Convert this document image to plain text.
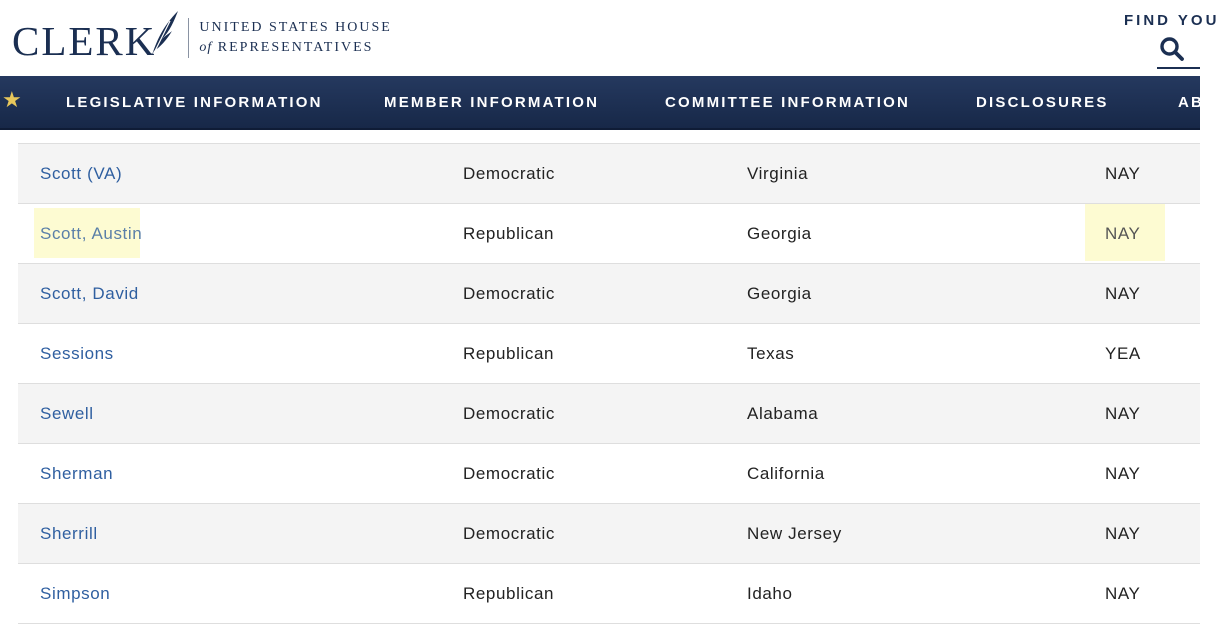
CLERK	UNITED STATES HOUSE
of REPRESENTATIVES
FIND YOU
★	LEGISLATIVE INFORMATION	MEMBER INFORMATION	COMMITTEE INFORMATION	DISCLOSURES	AB
Scott (VA)	Democratic	Virginia	NAY
Scott, Austin	Republican	Georgia	NAY
Scott, David	Democratic	Georgia	NAY
Sessions	Republican	Texas	YEA
Sewell	Democratic	Alabama	NAY
Sherman	Democratic	California	NAY
Sherrill	Democratic	New Jersey	NAY
Simpson	Republican	Idaho	NAY
